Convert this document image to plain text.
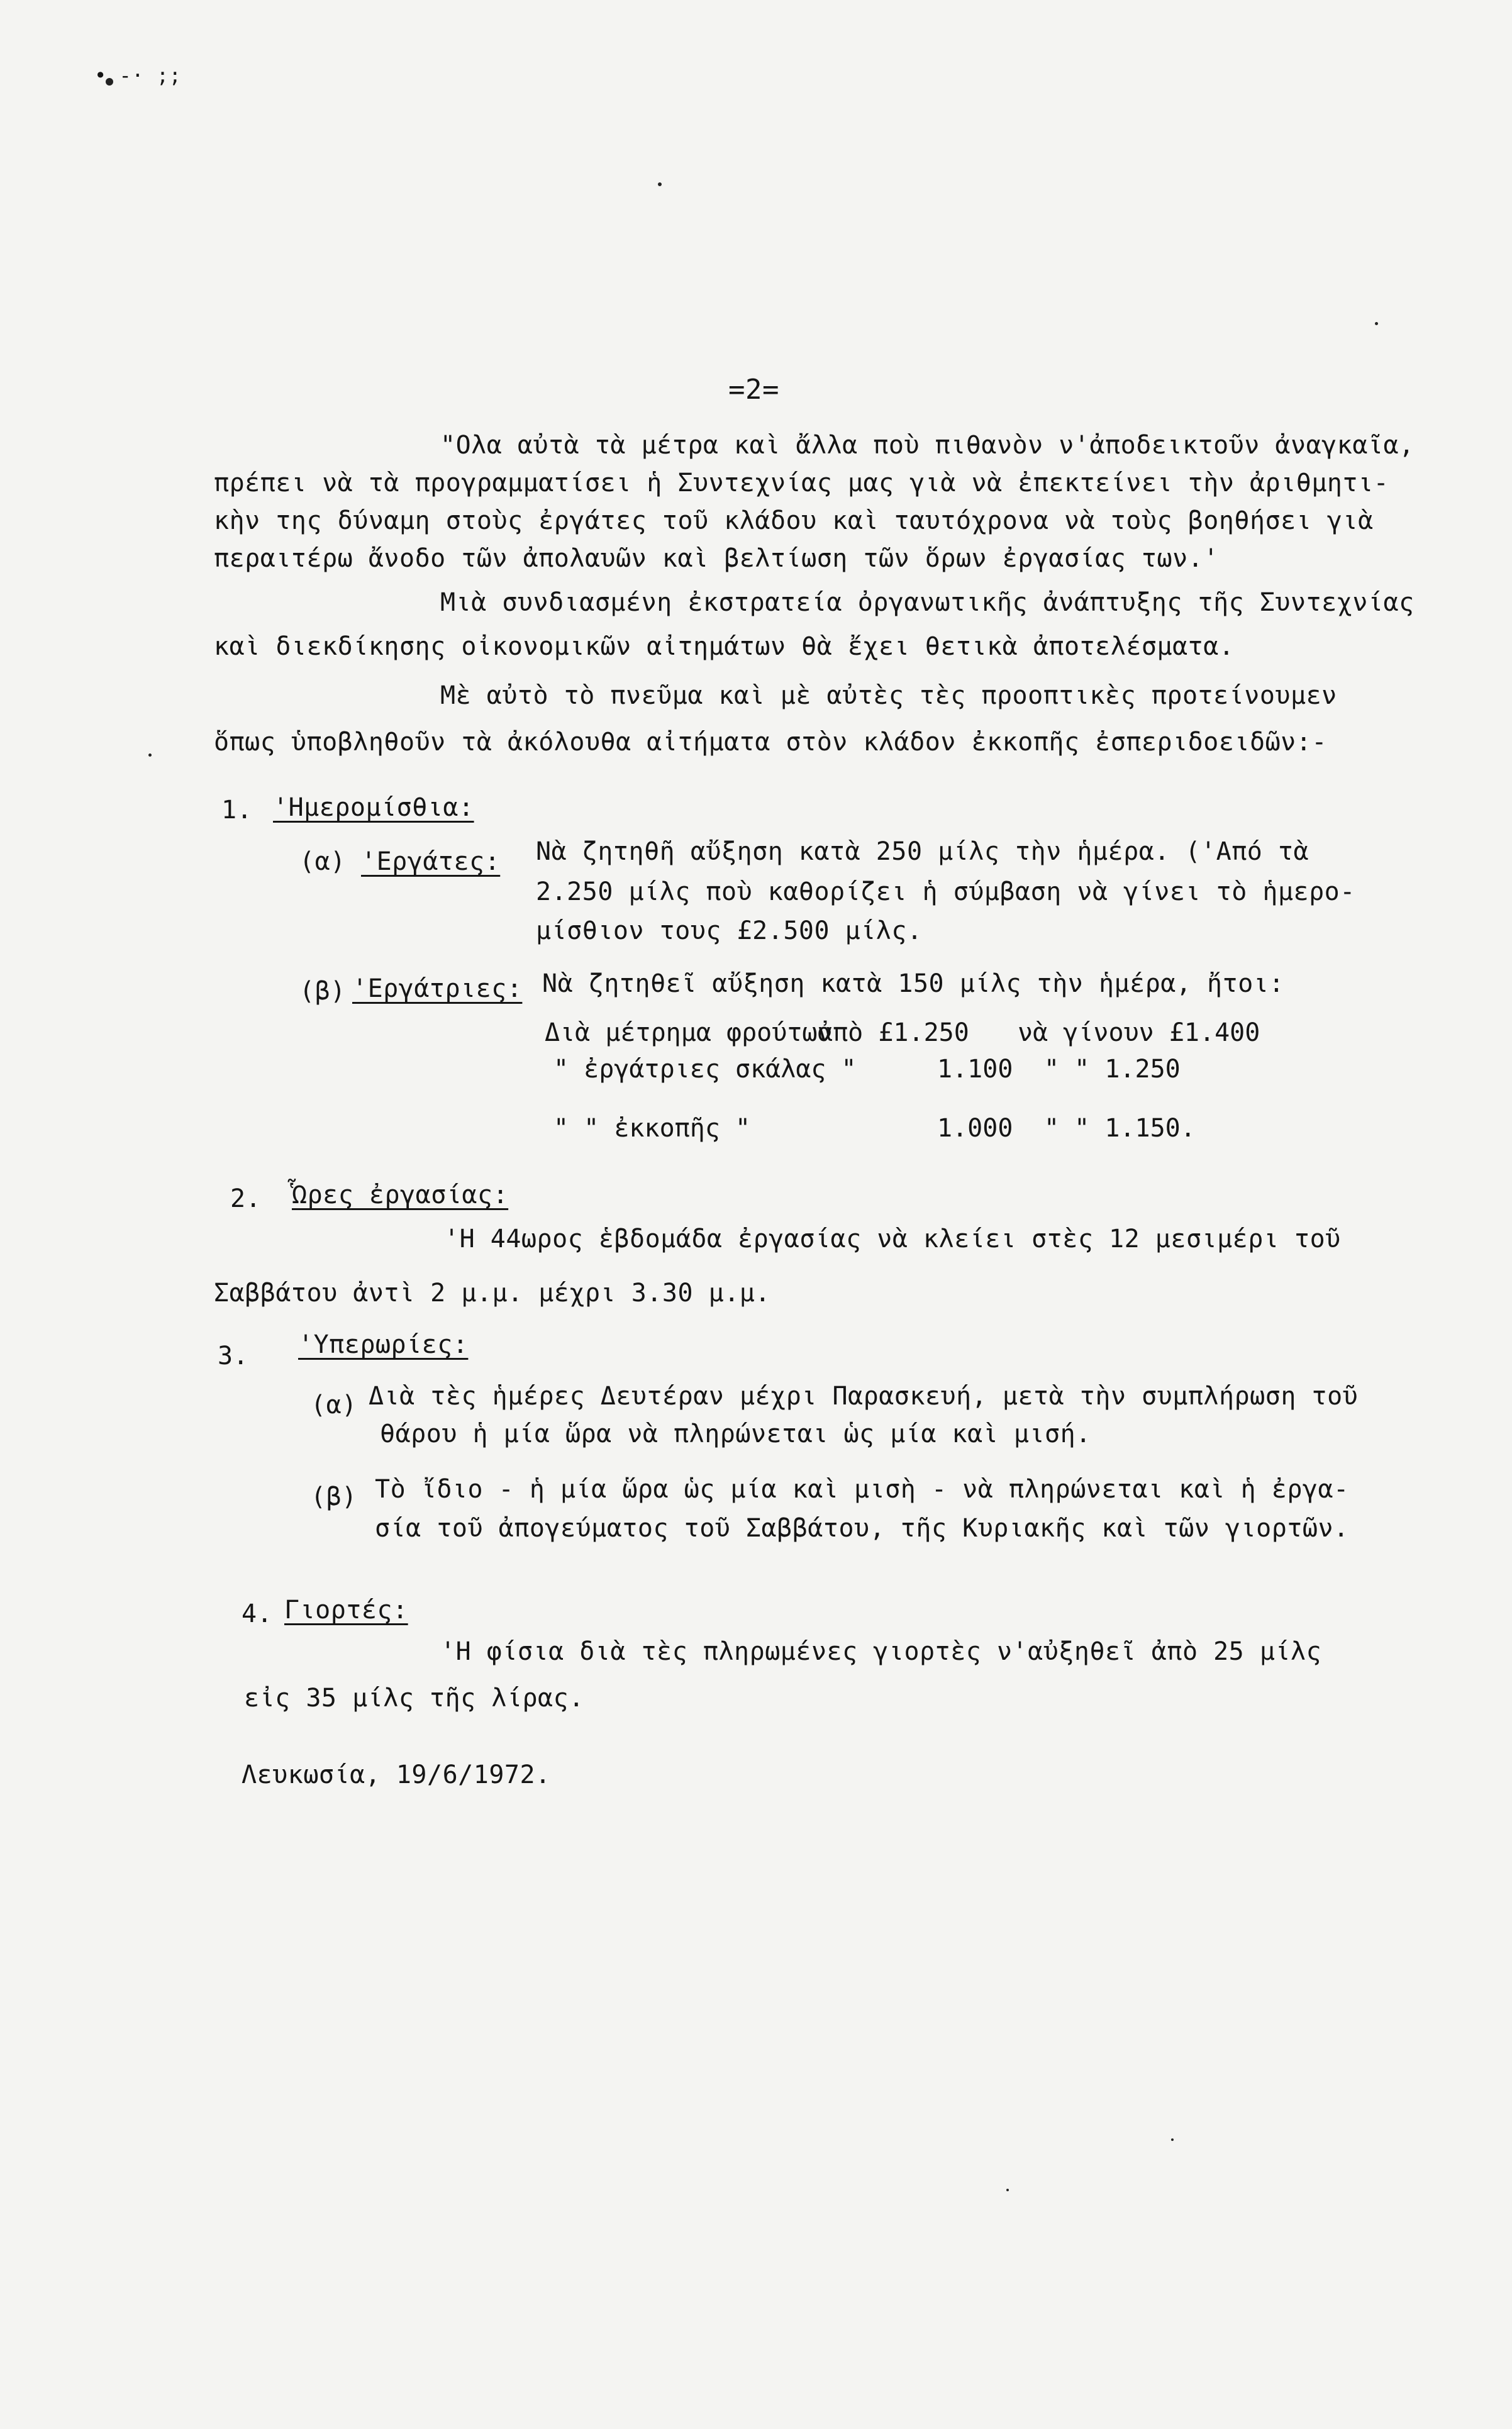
• -· ;;
=2=
"Ολα αὐτὰ τὰ μέτρα καὶ ἄλλα ποὺ πιθανὸν ν'ἀποδεικτοῦν ἀναγκαῖα,
πρέπει νὰ τὰ προγραμματίσει ἡ Συντεχνίας μας γιὰ νὰ ἐπεκτείνει τὴν ἀριθμητι-
κὴν της δύναμη στοὺς ἐργάτες τοῦ κλάδου καὶ ταυτόχρονα νὰ τοὺς βοηθήσει γιὰ
περαιτέρω ἄνοδο τῶν ἀπολαυῶν καὶ βελτίωση τῶν ὅρων ἐργασίας των.'
Μιὰ συνδιασμένη ἐκστρατεία ὀργανωτικῆς ἀνάπτυξης τῆς Συντεχνίας
καὶ διεκδίκησης οἰκονομικῶν αἰτημάτων θὰ ἔχει θετικὰ ἀποτελέσματα.
Μὲ αὐτὸ τὸ πνεῦμα καὶ μὲ αὐτὲς τὲς προοπτικὲς προτείνουμεν
ὅπως ὑποβληθοῦν τὰ ἀκόλουθα αἰτήματα στὸν κλάδον ἐκκοπῆς ἐσπεριδοειδῶν:-
1. 'Ημερομίσθια:
(α) 'Εργάτες: Νὰ ζητηθῆ αὔξηση κατὰ 250 μίλς τὴν ἡμέρα. ('Από τὰ
2.250 μίλς ποὺ καθορίζει ἡ σύμβαση νὰ γίνει τὸ ἡμερο-
μίσθιον τους £2.500 μίλς.
(β) 'Εργάτριες: Νὰ ζητηθεῖ αὔξηση κατὰ 150 μίλς τὴν ἡμέρα, ἤτοι:
Διὰ μέτρημα φρούτων
ἀπὸ £1.250 νὰ γίνουν £1.400
" ἐργάτριες σκάλας "	1.100 " " 1.250
" " ἐκκοπῆς "	1.000 " " 1.150.
2. Ὧρες ἐργασίας:
'Η 44ωρος ἑβδομάδα ἐργασίας νὰ κλείει στὲς 12 μεσιμέρι τοῦ
Σαββάτου ἀντὶ 2 μ.μ. μέχρι 3.30 μ.μ.
3. 'Υπερωρίες:
(α) Διὰ τὲς ἡμέρες Δευτέραν μέχρι Παρασκευή, μετὰ τὴν συμπλήρωση τοῦ
θάρου ἡ μία ὥρα νὰ πληρώνεται ὡς μία καὶ μισή.
(β) Τὸ ἴδιο - ἡ μία ὥρα ὡς μία καὶ μισὴ - νὰ πληρώνεται καὶ ἡ ἐργα-
σία τοῦ ἀπογεύματος τοῦ Σαββάτου, τῆς Κυριακῆς καὶ τῶν γιορτῶν.
4. Γιορτές:
'Η φίσια διὰ τὲς πληρωμένες γιορτὲς ν'αὐξηθεῖ ἀπὸ 25 μίλς
εἰς 35 μίλς τῆς λίρας.
Λευκωσία, 19/6/1972.
